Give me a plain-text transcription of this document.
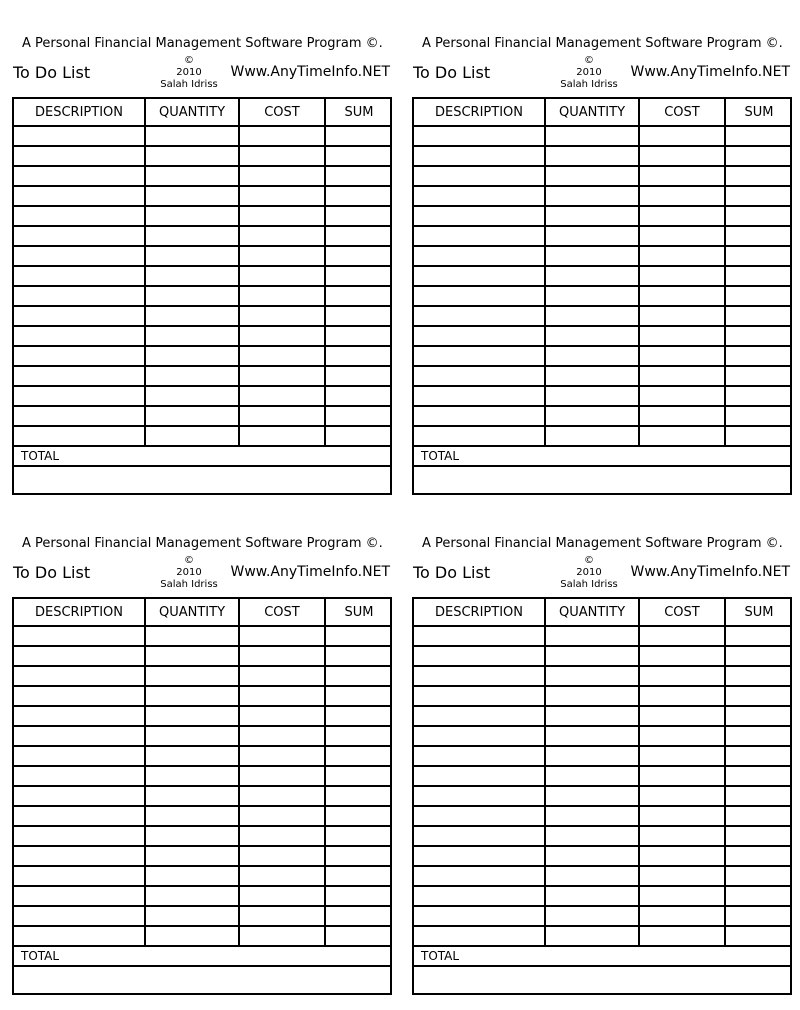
A Personal Financial Management Software Program ©.
To Do List
©
2010
Salah Idriss
Www.AnyTimeInfo.NET
DESCRIPTION	QUANTITY	COST	SUM

TOTAL
A Personal Financial Management Software Program ©.
To Do List
©
2010
Salah Idriss
Www.AnyTimeInfo.NET
DESCRIPTION	QUANTITY	COST	SUM

TOTAL
A Personal Financial Management Software Program ©.
To Do List
©
2010
Salah Idriss
Www.AnyTimeInfo.NET
DESCRIPTION	QUANTITY	COST	SUM

TOTAL
A Personal Financial Management Software Program ©.
To Do List
©
2010
Salah Idriss
Www.AnyTimeInfo.NET
DESCRIPTION	QUANTITY	COST	SUM

TOTAL
